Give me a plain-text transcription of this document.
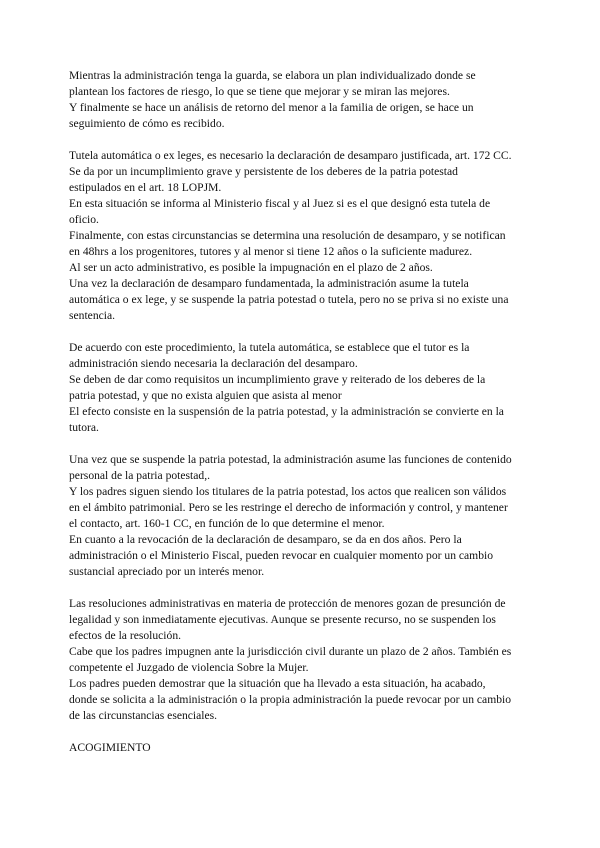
Mientras la administración tenga la guarda, se elabora un plan individualizado donde se
plantean los factores de riesgo, lo que se tiene que mejorar y se miran las mejores.
Y finalmente se hace un análisis de retorno del menor a la familia de origen, se hace un
seguimiento de cómo es recibido.
Tutela automática o ex leges, es necesario la declaración de desamparo justificada, art. 172 CC.
Se da por un incumplimiento grave y persistente de los deberes de la patria potestad
estipulados en el art. 18 LOPJM.
En esta situación se informa al Ministerio fiscal y al Juez si es el que designó esta tutela de
oficio.
Finalmente, con estas circunstancias se determina una resolución de desamparo, y se notifican
en 48hrs a los progenitores, tutores y al menor si tiene 12 años o la suficiente madurez.
Al ser un acto administrativo, es posible la impugnación en el plazo de 2 años.
Una vez la declaración de desamparo fundamentada, la administración asume la tutela
automática o ex lege, y se suspende la patria potestad o tutela, pero no se priva si no existe una
sentencia.
De acuerdo con este procedimiento, la tutela automática, se establece que el tutor es la
administración siendo necesaria la declaración del desamparo.
Se deben de dar como requisitos un incumplimiento grave y reiterado de los deberes de la
patria potestad, y que no exista alguien que asista al menor
El efecto consiste en la suspensión de la patria potestad, y la administración se convierte en la
tutora.
Una vez que se suspende la patria potestad, la administración asume las funciones de contenido
personal de la patria potestad,.
Y los padres siguen siendo los titulares de la patria potestad, los actos que realicen son válidos
en el ámbito patrimonial. Pero se les restringe el derecho de información y control, y mantener
el contacto, art. 160-1 CC, en función de lo que determine el menor.
En cuanto a la revocación de la declaración de desamparo, se da en dos años. Pero la
administración o el Ministerio Fiscal, pueden revocar en cualquier momento por un cambio
sustancial apreciado por un interés menor.
Las resoluciones administrativas en materia de protección de menores gozan de presunción de
legalidad y son inmediatamente ejecutivas. Aunque se presente recurso, no se suspenden los
efectos de la resolución.
Cabe que los padres impugnen ante la jurisdicción civil durante un plazo de 2 años. También es
competente el Juzgado de violencia Sobre la Mujer.
Los padres pueden demostrar que la situación que ha llevado a esta situación, ha acabado,
donde se solicita a la administración o la propia administración la puede revocar por un cambio
de las circunstancias esenciales.
ACOGIMIENTO
